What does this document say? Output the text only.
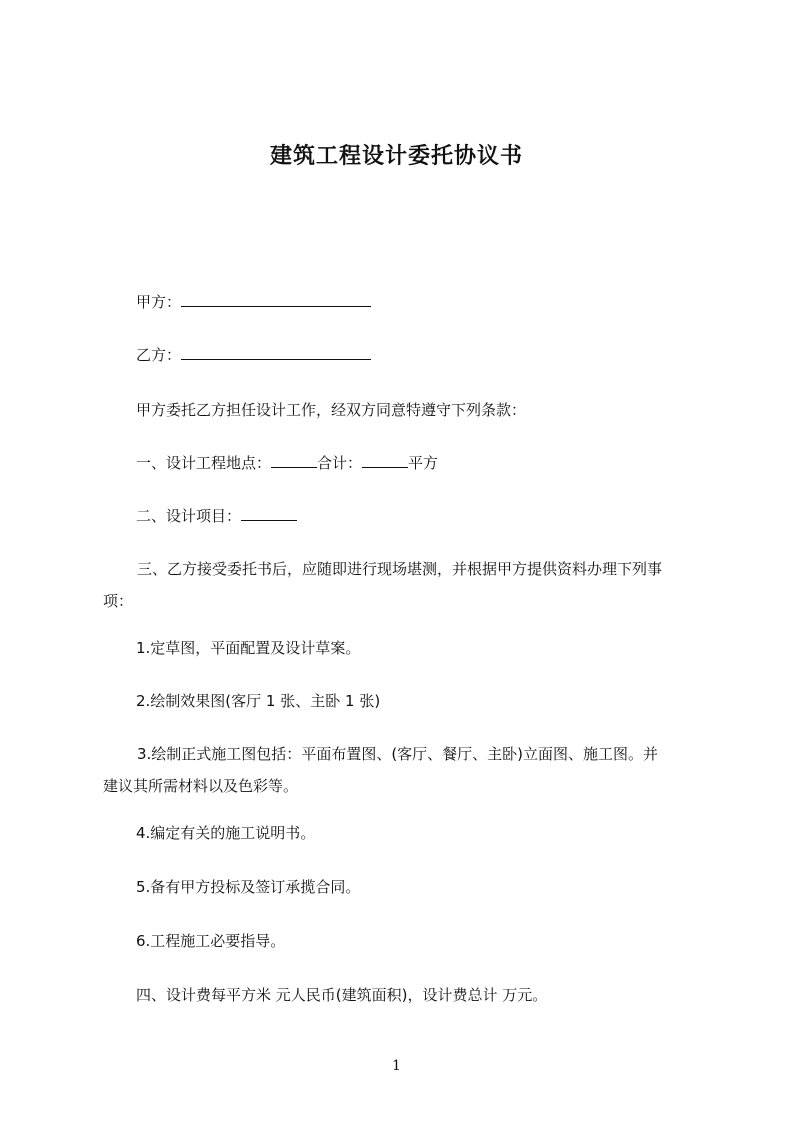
建筑工程设计委托协议书
甲方：
乙方：
甲方委托乙方担任设计工作，经双方同意特遵守下列条款：
一、设计工程地点：	合计：	平方
二、设计项目：
三、乙方接受委托书后，应随即进行现场堪测，并根据甲方提供资料办理下列事
项：
1.定草图，平面配置及设计草案。
2.绘制效果图(客厅 1 张、主卧 1 张)
3.绘制正式施工图包括：平面布置图、(客厅、餐厅、主卧)立面图、施工图。并
建议其所需材料以及色彩等。
4.编定有关的施工说明书。
5.备有甲方投标及签订承揽合同。
6.工程施工必要指导。
四、设计费每平方米 元人民币(建筑面积)，设计费总计 万元。
1
